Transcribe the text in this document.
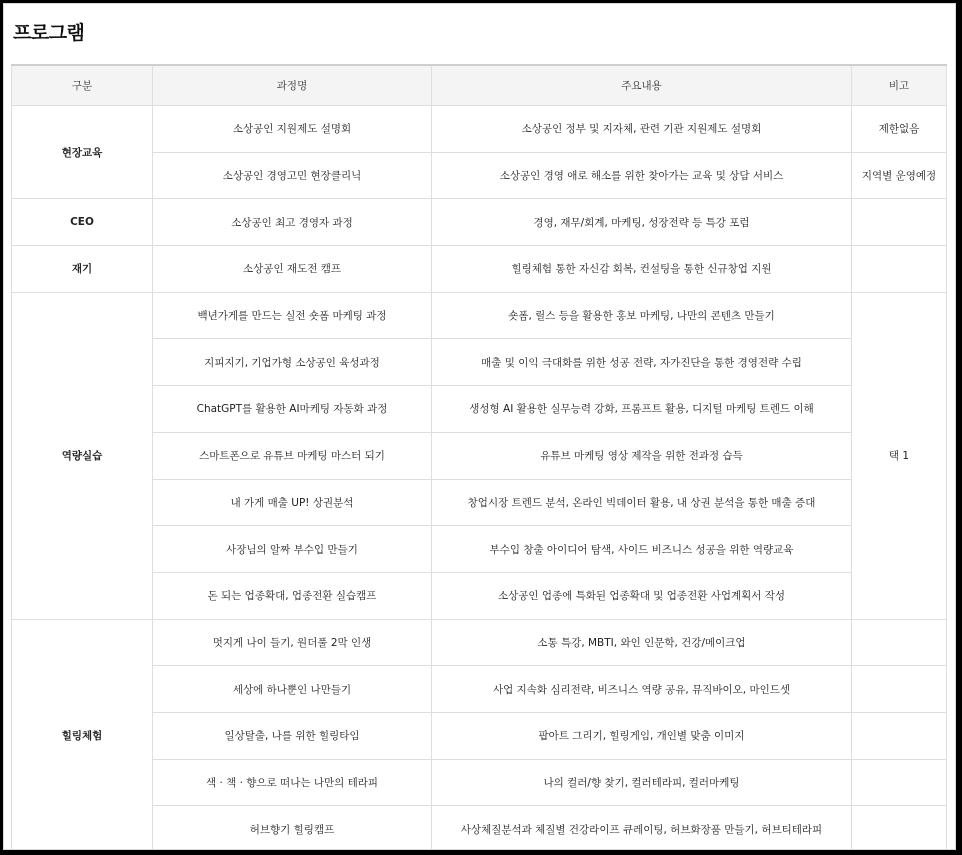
프로그램
구분	과정명	주요내용	비고
현장교육	소상공인 지원제도 설명회	소상공인 정부 및 지자체, 관련 기관 지원제도 설명회	제한없음
	소상공인 경영고민 현장클리닉	소상공인 경영 애로 해소를 위한 찾아가는 교육 및 상담 서비스	지역별 운영예정
CEO	소상공인 최고 경영자 과정	경영, 재무/회계, 마케팅, 성장전략 등 특강 포럼	
재기	소상공인 재도전 캠프	힐링체험 통한 자신감 회복, 컨설팅을 통한 신규창업 지원	
역량실습	백년가게를 만드는 실전 숏폼 마케팅 과정	숏폼, 릴스 등을 활용한 홍보 마케팅, 나만의 콘텐츠 만들기	택 1
	지피지기, 기업가형 소상공인 육성과정	매출 및 이익 극대화를 위한 성공 전략, 자가진단을 통한 경영전략 수립	
	ChatGPT를 활용한 AI마케팅 자동화 과정	생성형 AI 활용한 실무능력 강화, 프롬프트 활용, 디지털 마케팅 트렌드 이해	
	스마트폰으로 유튜브 마케팅 마스터 되기	유튜브 마케팅 영상 제작을 위한 전과정 습득	
	내 가게 매출 UP! 상권분석	창업시장 트렌드 분석, 온라인 빅데이터 활용, 내 상권 분석을 통한 매출 증대	
	사장님의 알짜 부수입 만들기	부수입 창출 아이디어 탐색, 사이드 비즈니스 성공을 위한 역량교육	
	돈 되는 업종확대, 업종전환 실습캠프	소상공인 업종에 특화된 업종확대 및 업종전환 사업계획서 작성	
힐링체험	멋지게 나이 들기, 원더풀 2막 인생	소통 특강, MBTI, 와인 인문학, 건강/메이크업	
	세상에 하나뿐인 나만들기	사업 지속화 심리전략, 비즈니스 역량 공유, 뮤직바이오, 마인드셋	
	일상탈출, 나를 위한 힐링타임	팝아트 그리기, 힐링게임, 개인별 맞춤 이미지	
	색 · 책 · 향으로 떠나는 나만의 테라피	나의 컬러/향 찾기, 컬러테라피, 컬러마케팅	
	허브향기 힐링캠프	사상체질분석과 체질별 건강라이프 큐레이팅, 허브화장품 만들기, 허브티테라피	
